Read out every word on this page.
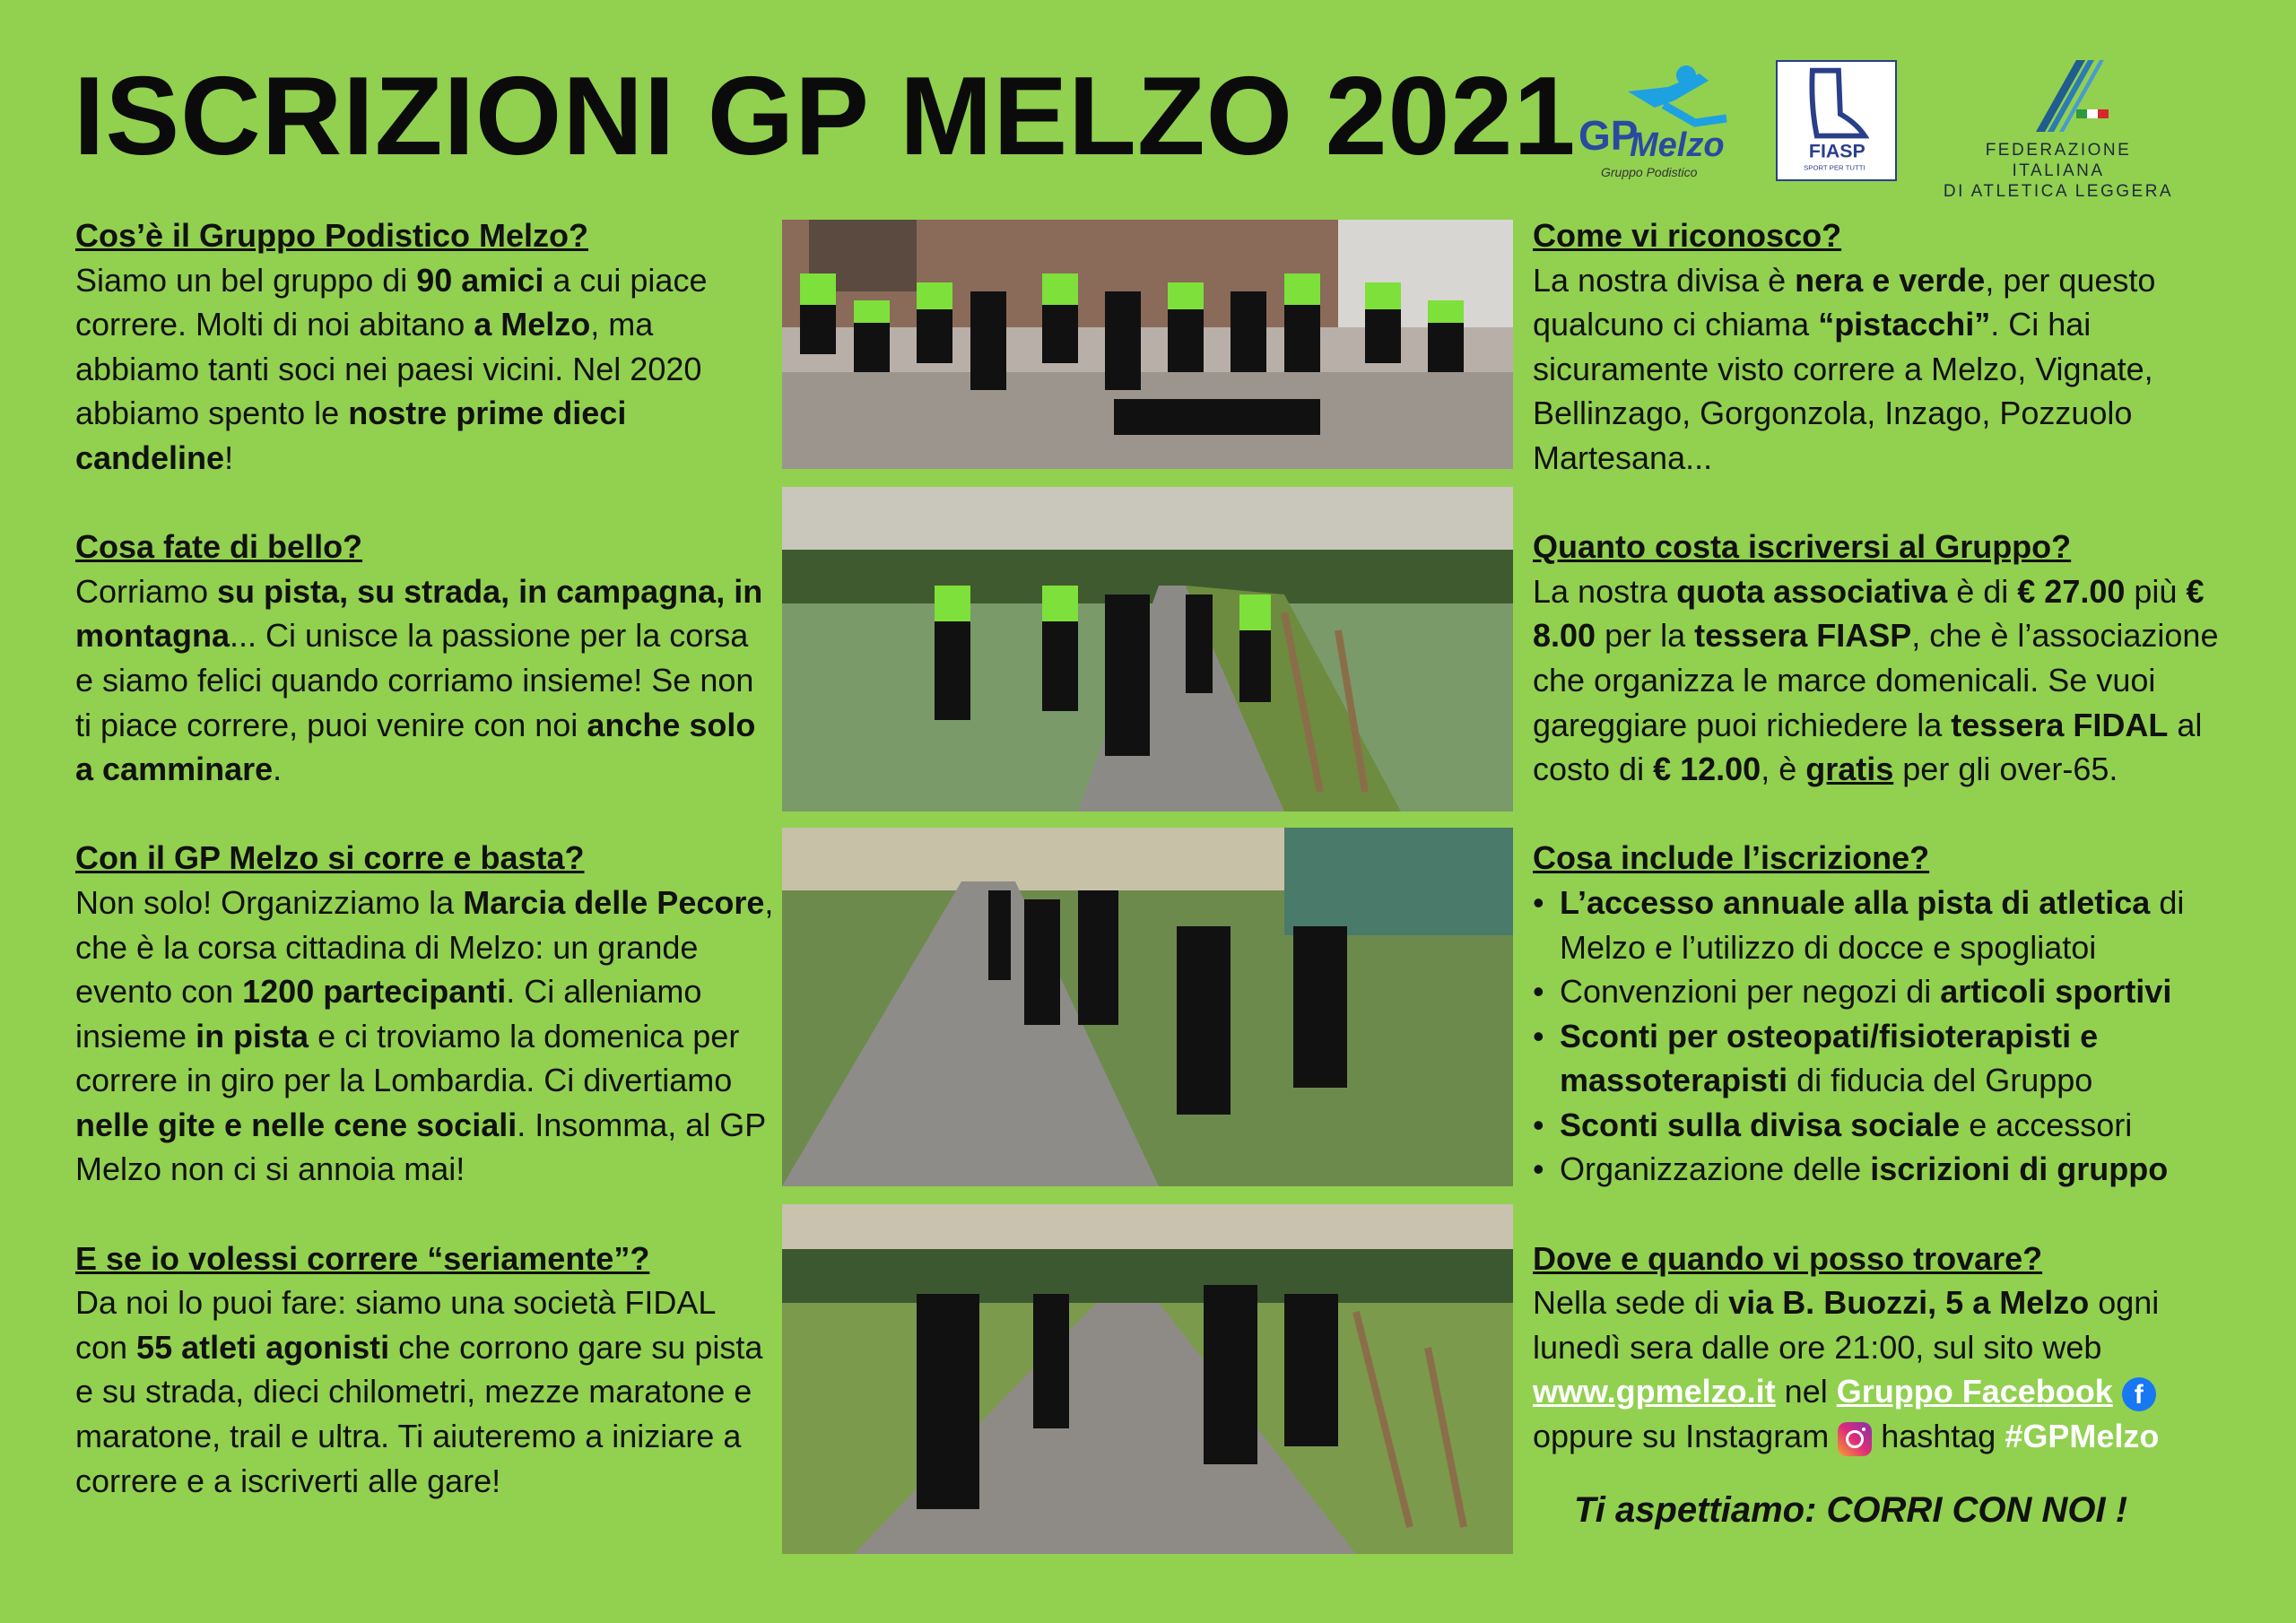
ISCRIZIONI GP MELZO 2021 GP
Melzo
Gruppo Podistico
FIASP
SPORT PER TUTTI
FEDERAZIONE ITALIANA
DI ATLETICA LEGGERA
Cos’è il Gruppo Podistico Melzo?
Siamo un bel gruppo di 90 amici a cui piace correre. Molti di noi abitano a Melzo, ma abbiamo tanti soci nei paesi vicini. Nel 2020 abbiamo spento le nostre prime dieci candeline!
Cosa fate di bello?
Corriamo su pista, su strada, in campagna, in montagna... Ci unisce la passione per la corsa e siamo felici quando corriamo insieme! Se non ti piace correre, puoi venire con noi anche solo a camminare.
Con il GP Melzo si corre e basta?
Non solo! Organizziamo la Marcia delle Pecore, che è la corsa cittadina di Melzo: un grande evento con 1200 partecipanti. Ci alleniamo insieme in pista e ci troviamo la domenica per correre in giro per la Lombardia. Ci divertiamo nelle gite e nelle cene sociali. Insomma, al GP Melzo non ci si annoia mai!
E se io volessi correre “seriamente”?
Da noi lo puoi fare: siamo una società FIDAL con 55 atleti agonisti che corrono gare su pista e su strada, dieci chilometri, mezze maratone e maratone, trail e ultra. Ti aiuteremo a iniziare a correre e a iscriverti alle gare!
Come vi riconosco?
La nostra divisa è nera e verde, per questo qualcuno ci chiama “pistacchi”. Ci hai sicuramente visto correre a Melzo, Vignate, Bellinzago, Gorgonzola, Inzago, Pozzuolo Martesana...
Quanto costa iscriversi al Gruppo?
La nostra quota associativa è di € 27.00 più € 8.00 per la tessera FIASP, che è l’associazione che organizza le marce domenicali. Se vuoi gareggiare puoi richiedere la tessera FIDAL al costo di € 12.00, è gratis per gli over-65.
Cosa include l’iscrizione?
• L’accesso annuale alla pista di atletica di Melzo e l’utilizzo di docce e spogliatoi
• Convenzioni per negozi di articoli sportivi
• Sconti per osteopati/fisioterapisti e massoterapisti di fiducia del Gruppo
• Sconti sulla divisa sociale e accessori
• Organizzazione delle iscrizioni di gruppo
Dove e quando vi posso trovare?
Nella sede di via B. Buozzi, 5 a Melzo ogni lunedì sera dalle ore 21:00, sul sito web www.gpmelzo.it nel Gruppo Facebook f
oppure su Instagram  hashtag #GPMelzo
Ti aspettiamo: CORRI CON NOI !
